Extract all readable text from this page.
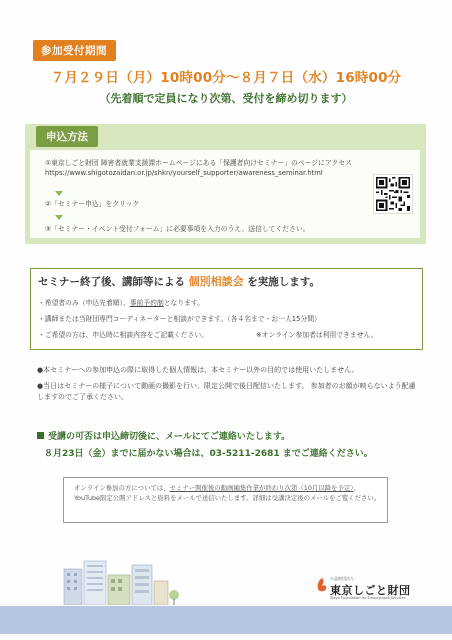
参加受付期間
７月２９日（月）10時00分～８月７日（水）16時00分
（先着順で定員になり次第、受付を締め切ります）
申込方法
①東京しごと財団 障害者就業支援課ホームページにある「保護者向けセミナー」のページにアクセス
https://www.shigotozaidan.or.jp/shkn/yourself_supporter/awareness_seminar.html
②「セミナー申込」をクリック
③「セミナー・イベント受付フォーム」に必要事項を入力のうえ、送信してください。
セミナー終了後、講師等による 個別相談会 を実施します。
・希望者のみ（申込先着順）、事前予約制となります。
・講師または当財団専門コーディネーターと相談ができます。（各４名まで・お一人15分間）
・ご希望の方は、申込時に相談内容をご記載ください。	※オンライン参加者は利用できません。
●本セミナーへの参加申込の際に取得した個人情報は、本セミナー以外の目的では使用いたしません。
●当日はセミナーの様子について動画の撮影を行い、限定公開で後日配信いたします。 参加者のお顔が映らないよう配慮しますのでご了承ください。
受講の可否は申込締切後に、メールにてご連絡いたします。
８月23日（金）までに届かない場合は、03-5211-2681 までご連絡ください。
オンライン参加の方については、セミナー開催後の動画編集作業が終わり次第（10月以降を予定）、YouTube限定公開アドレスと資料をメールで送信いたします。詳細は受講決定後のメールをご覧ください。
公益財団法人
東京しごと財団
Tokyo Foundation for Employment Services
